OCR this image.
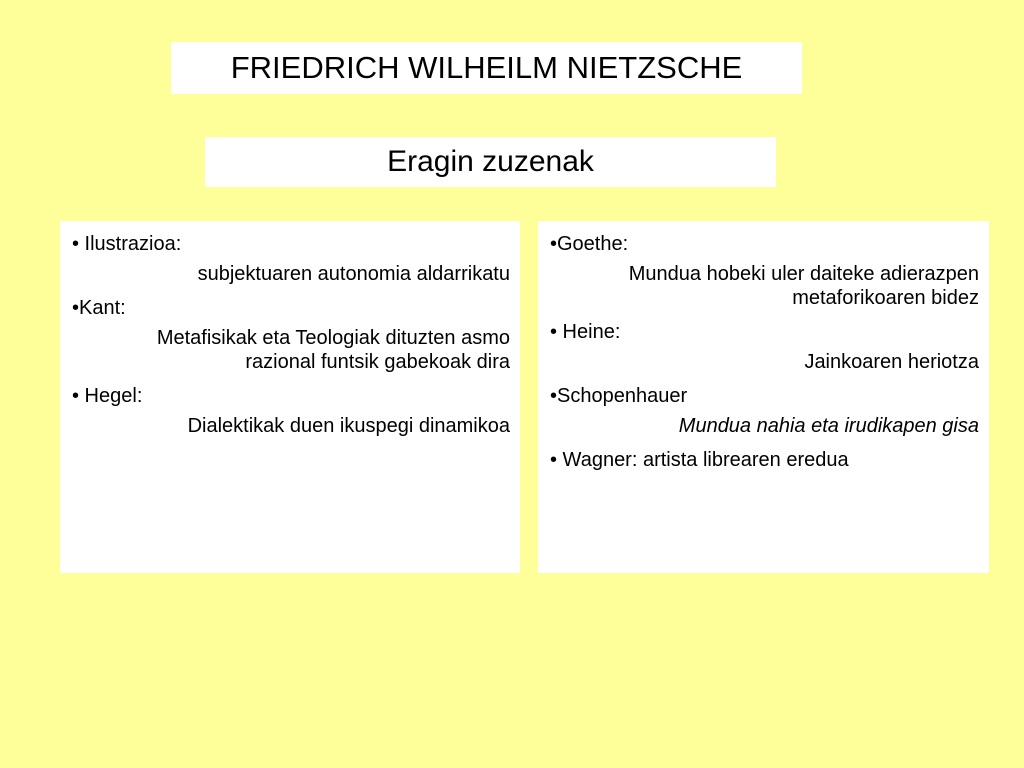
FRIEDRICH WILHEILM NIETZSCHE
Eragin zuzenak

• Ilustrazioa:

subjektuaren autonomia aldarrikatu

•Kant:

Metafisikak eta Teologiak dituzten asmo razional funtsik gabekoak dira

• Hegel:

Dialektikak duen ikuspegi dinamikoa

•Goethe:

Mundua hobeki uler daiteke adierazpen metaforikoaren bidez

• Heine:

Jainkoaren heriotza

•Schopenhauer

Mundua nahia eta irudikapen gisa

• Wagner: artista librearen eredua
